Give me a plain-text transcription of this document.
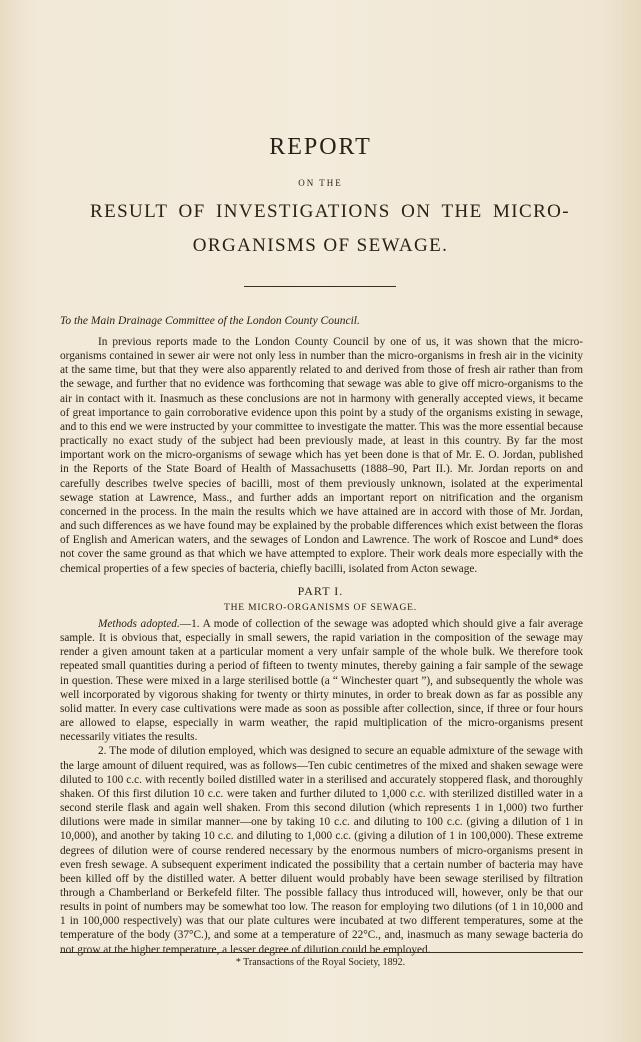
REPORT
ON THE
RESULT OF INVESTIGATIONS ON THE MICRO-
ORGANISMS OF SEWAGE.
To the Main Drainage Committee of the London County Council.

In previous reports made to the London County Council by one of us, it was shown that the micro-organisms contained in sewer air were not only less in number than the micro-organisms in fresh air in the vicinity at the same time, but that they were also apparently related to and derived from those of fresh air rather than from the sewage, and further that no evidence was forthcoming that sewage was able to give off micro-organisms to the air in contact with it. Inasmuch as these conclusions are not in harmony with generally accepted views, it became of great importance to gain corroborative evidence upon this point by a study of the organisms existing in sewage, and to this end we were instructed by your committee to investigate the matter. This was the more essential because practically no exact study of the subject had been previously made, at least in this country. By far the most important work on the micro-organisms of sewage which has yet been done is that of Mr. E. O. Jordan, published in the Reports of the State Board of Health of Massachusetts (1888–90, Part II.). Mr. Jordan reports on and carefully describes twelve species of bacilli, most of them previously unknown, isolated at the experimental sewage station at Lawrence, Mass., and further adds an important report on nitrification and the organism concerned in the process. In the main the results which we have attained are in accord with those of Mr. Jordan, and such differences as we have found may be explained by the probable differences which exist between the floras of English and American waters, and the sewages of London and Lawrence. The work of Roscoe and Lund* does not cover the same ground as that which we have attempted to explore. Their work deals more especially with the chemical properties of a few species of bacteria, chiefly bacilli, isolated from Acton sewage.

PART I.
THE MICRO-ORGANISMS OF SEWAGE.

Methods adopted.—1. A mode of collection of the sewage was adopted which should give a fair average sample. It is obvious that, especially in small sewers, the rapid variation in the composition of the sewage may render a given amount taken at a particular moment a very unfair sample of the whole bulk. We therefore took repeated small quantities during a period of fifteen to twenty minutes, thereby gaining a fair sample of the sewage in question. These were mixed in a large sterilised bottle (a “ Winchester quart ”), and subsequently the whole was well incorporated by vigorous shaking for twenty or thirty minutes, in order to break down as far as possible any solid matter. In every case cultivations were made as soon as possible after collection, since, if three or four hours are allowed to elapse, especially in warm weather, the rapid multiplication of the micro-organisms present necessarily vitiates the results.

2. The mode of dilution employed, which was designed to secure an equable admixture of the sewage with the large amount of diluent required, was as follows—Ten cubic centimetres of the mixed and shaken sewage were diluted to 100 c.c. with recently boiled distilled water in a sterilised and accurately stoppered flask, and thoroughly shaken. Of this first dilution 10 c.c. were taken and further diluted to 1,000 c.c. with sterilized distilled water in a second sterile flask and again well shaken. From this second dilution (which represents 1 in 1,000) two further dilutions were made in similar manner—one by taking 10 c.c. and diluting to 100 c.c. (giving a dilution of 1 in 10,000), and another by taking 10 c.c. and diluting to 1,000 c.c. (giving a dilution of 1 in 100,000). These extreme degrees of dilution were of course rendered necessary by the enormous numbers of micro-organisms present in even fresh sewage. A subsequent experiment indicated the possibility that a certain number of bacteria may have been killed off by the distilled water. A better diluent would probably have been sewage sterilised by filtration through a Chamberland or Berkefeld filter. The possible fallacy thus introduced will, however, only be that our results in point of numbers may be somewhat too low. The reason for employing two dilutions (of 1 in 10,000 and 1 in 100,000 respectively) was that our plate cultures were incubated at two different temperatures, some at the temperature of the body (37°C.), and some at a temperature of 22°C., and, inasmuch as many sewage bacteria do not grow at the higher temperature, a lesser degree of dilution could be employed.

* Transactions of the Royal Society, 1892.
